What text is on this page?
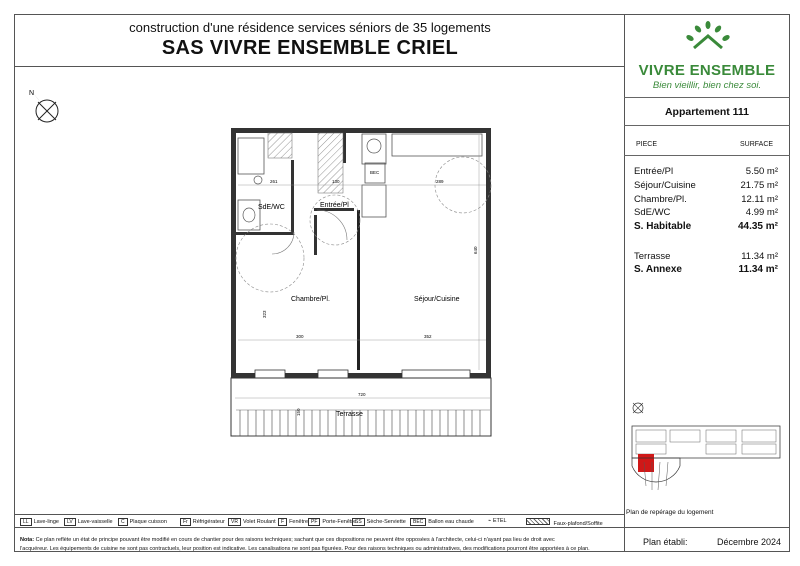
construction d'une résidence services séniors de 35 logements
SAS VIVRE ENSEMBLE CRIEL
N
SdE/WC	Entrée/Pl
Chambre/Pl.	Séjour/Cuisine
Terrasse
BEC
261	130	289
300	352
323
640
720
150
VIVRE ENSEMBLE
Bien vieillir, bien chez soi.
Appartement 111
PIECE	SURFACE
Entrée/Pl	5.50 m²
Séjour/Cuisine	21.75 m²
Chambre/Pl.	12.11 m²
SdE/WC	4.99 m²
S. Habitable	44.35 m²
Terrasse	11.34 m²
S. Annexe	11.34 m²
Plan de repérage du logement
LL Lave-linge	LV Lave-vaisselle	C Plaque cuisson	Fr Réfrigérateur	VR Volet Roulant	F Fenêtre PF Porte-Fenêtre
SS Sèche-Serviette	BEC Ballon eau chaude	⌁ ETEL	Faux-plafond/Soffite
Nota: Ce plan reflète un état de principe pouvant être modifié en cours de chantier pour des raisons techniques; sachant que ces dispositions ne peuvent être opposées à l'architecte, celui-ci n'ayant pas lieu de droit avec
l'acquéreur. Les équipements de cuisine ne sont pas contractuels, leur position est indicative. Les canalisations ne sont pas figurées. Pour des raisons techniques ou administratives, des modifications pourront être apportées à ce plan.
Plan établi:	Décembre 2024
